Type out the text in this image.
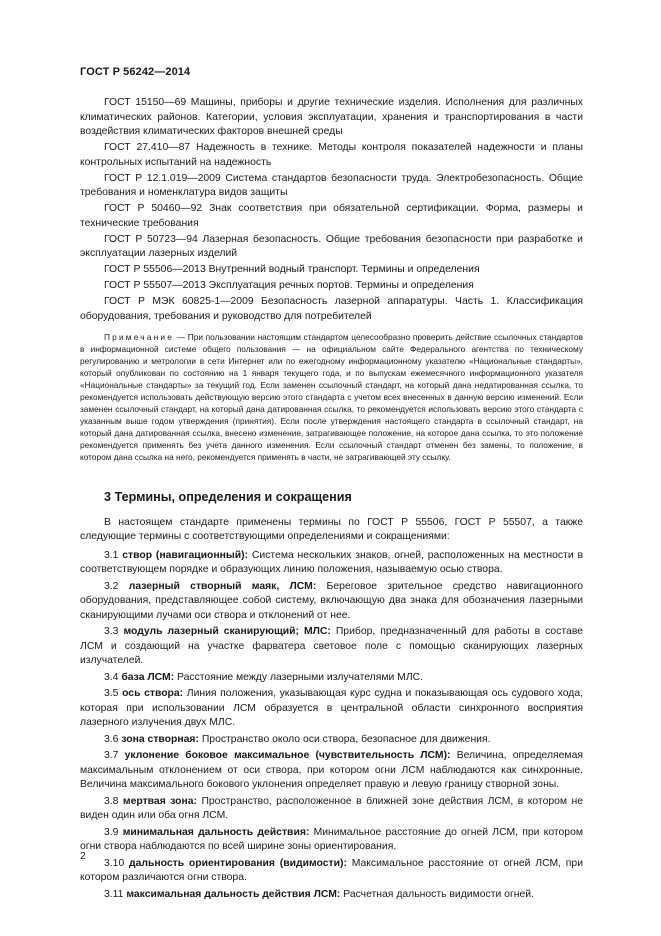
ГОСТ Р 56242—2014

ГОСТ 15150—69 Машины, приборы и другие технические изделия. Исполнения для различных климатических районов. Категории, условия эксплуатации, хранения и транспортирования в части воздействия климатических факторов внешней среды

ГОСТ 27.410—87 Надежность в технике. Методы контроля показателей надежности и планы контрольных испытаний на надежность

ГОСТ Р 12.1.019—2009 Система стандартов безопасности труда. Электробезопасность. Общие требования и номенклатура видов защиты

ГОСТ Р 50460—92 Знак соответствия при обязательной сертификации. Форма, размеры и технические требования

ГОСТ Р 50723—94 Лазерная безопасность. Общие требования безопасности при разработке и эксплуатации лазерных изделий

ГОСТ Р 55506—2013 Внутренний водный транспорт. Термины и определения

ГОСТ Р 55507—2013 Эксплуатация речных портов. Термины и определения

ГОСТ Р МЭК 60825-1—2009 Безопасность лазерной аппаратуры. Часть 1. Классификация оборудования, требования и руководство для потребителей

Примечание — При пользовании настоящим стандартом целесообразно проверить действие ссылочных стандартов в информационной системе общего пользования — на официальном сайте Федерального агентства по техническому регулированию и метрологии в сети Интернет или по ежегодному информационному указателю «Национальные стандарты», который опубликован по состоянию на 1 января текущего года, и по выпускам ежемесячного информационного указателя «Национальные стандарты» за текущий год. Если заменен ссылочный стандарт, на который дана недатированная ссылка, то рекомендуется использовать действующую версию этого стандарта с учетом всех внесенных в данную версию изменений. Если заменен ссылочный стандарт, на который дана датированная ссылка, то рекомендуется использовать версию этого стандарта с указанным выше годом утверждения (принятия). Если после утверждения настоящего стандарта в ссылочный стандарт, на который дана датированная ссылка, внесено изменение, затрагивающее положение, на которое дана ссылка, то это положение рекомендуется применять без учета данного изменения. Если ссылочный стандарт отменен без замены, то положение, в котором дана ссылка на него, рекомендуется применять в части, не затрагивающей эту ссылку.

3 Термины, определения и сокращения

В настоящем стандарте применены термины по ГОСТ Р 55506, ГОСТ Р 55507, а также следующие термины с соответствующими определениями и сокращениями:

3.1 створ (навигационный): Система нескольких знаков, огней, расположенных на местности в соответствующем порядке и образующих линию положения, называемую осью створа.

3.2 лазерный створный маяк, ЛСМ: Береговое зрительное средство навигационного оборудования, представляющее собой систему, включающую два знака для обозначения лазерными сканирующими лучами оси створа и отклонений от нее.

3.3 модуль лазерный сканирующий; МЛС: Прибор, предназначенный для работы в составе ЛСМ и создающий на участке фарватера световое поле с помощью сканирующих лазерных излучателей.

3.4 база ЛСМ: Расстояние между лазерными излучателями МЛС.

3.5 ось створа: Линия положения, указывающая курс судна и показывающая ось судового хода, которая при использовании ЛСМ образуется в центральной области синхронного восприятия лазерного излучения двух МЛС.

3.6 зона створная: Пространство около оси створа, безопасное для движения.

3.7 уклонение боковое максимальное (чувствительность ЛСМ): Величина, определяемая максимальным отклонением от оси створа, при котором огни ЛСМ наблюдаются как синхронные. Величина максимального бокового уклонения определяет правую и левую границу створной зоны.

3.8 мертвая зона: Пространство, расположенное в ближней зоне действия ЛСМ, в котором не виден один или оба огня ЛСМ.

3.9 минимальная дальность действия: Минимальное расстояние до огней ЛСМ, при котором огни створа наблюдаются по всей ширине зоны ориентирования.

3.10 дальность ориентирования (видимости): Максимальное расстояние от огней ЛСМ, при котором различаются огни створа.

3.11 максимальная дальность действия ЛСМ: Расчетная дальность видимости огней.

2
